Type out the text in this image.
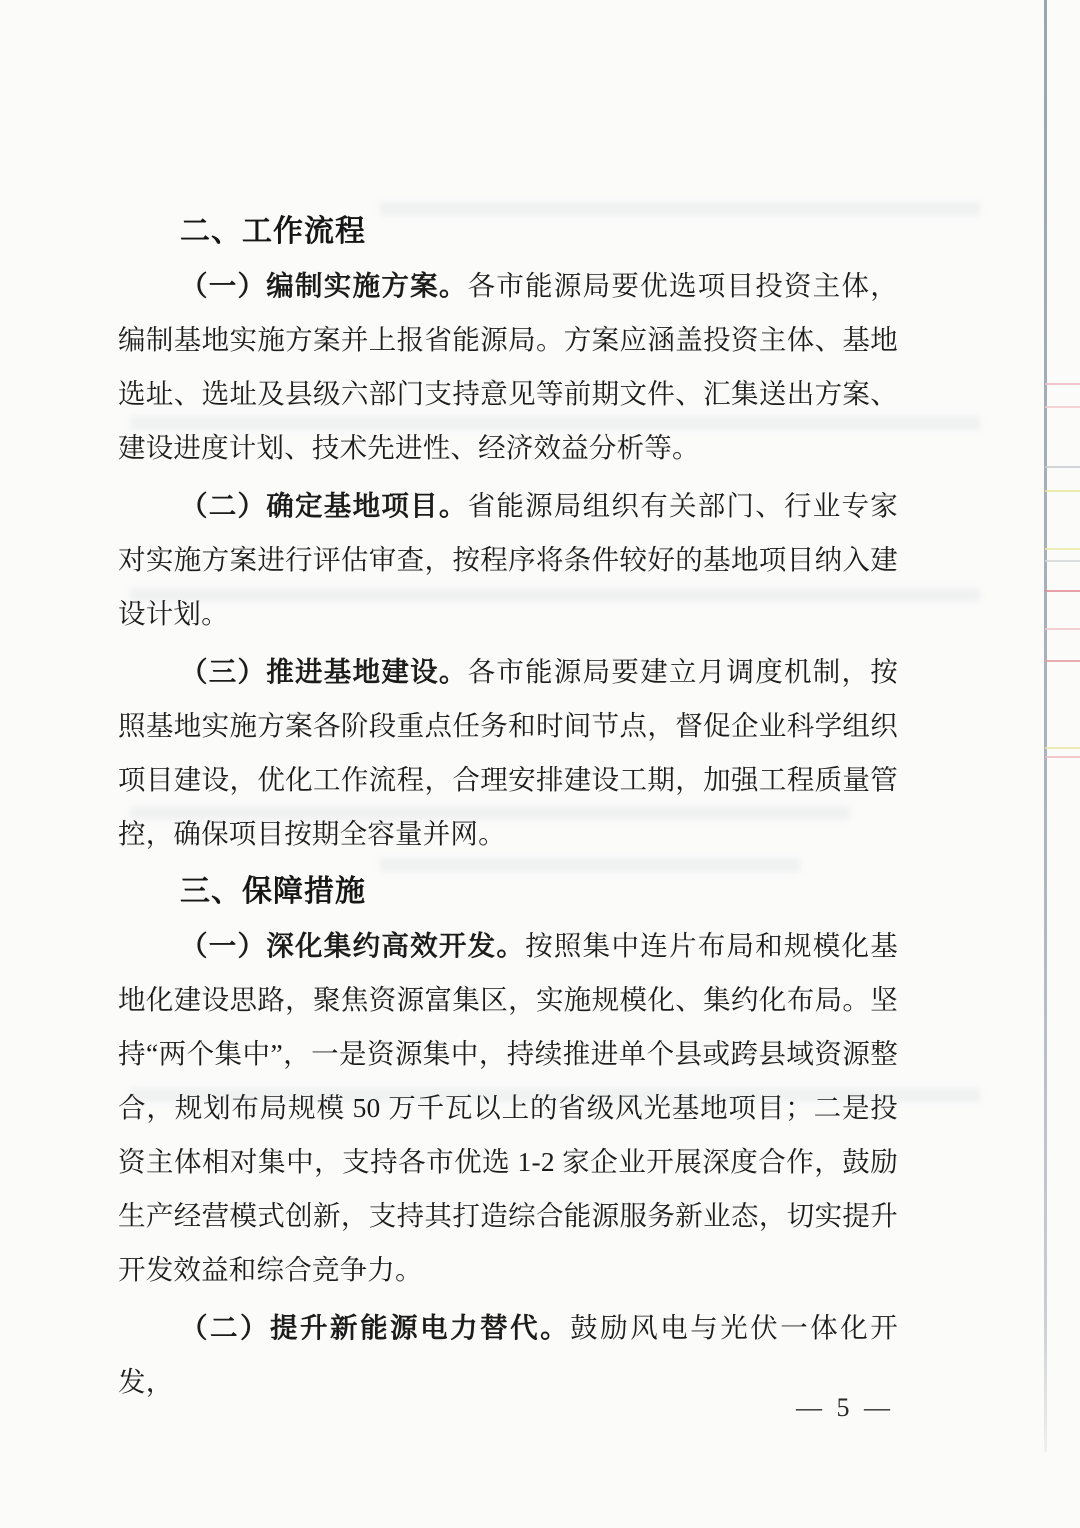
二、工作流程

（一）编制实施方案。各市能源局要优选项目投资主体，编制基地实施方案并上报省能源局。方案应涵盖投资主体、基地选址、选址及县级六部门支持意见等前期文件、汇集送出方案、建设进度计划、技术先进性、经济效益分析等。

（二）确定基地项目。省能源局组织有关部门、行业专家对实施方案进行评估审查，按程序将条件较好的基地项目纳入建设计划。

（三）推进基地建设。各市能源局要建立月调度机制，按照基地实施方案各阶段重点任务和时间节点，督促企业科学组织项目建设，优化工作流程，合理安排建设工期，加强工程质量管控，确保项目按期全容量并网。

三、保障措施

（一）深化集约高效开发。按照集中连片布局和规模化基地化建设思路，聚焦资源富集区，实施规模化、集约化布局。坚持“两个集中”，一是资源集中，持续推进单个县或跨县域资源整合，规划布局规模 50 万千瓦以上的省级风光基地项目；二是投资主体相对集中，支持各市优选 1-2 家企业开展深度合作，鼓励生产经营模式创新，支持其打造综合能源服务新业态，切实提升开发效益和综合竞争力。

（二）提升新能源电力替代。鼓励风电与光伏一体化开发，

— 5 —
